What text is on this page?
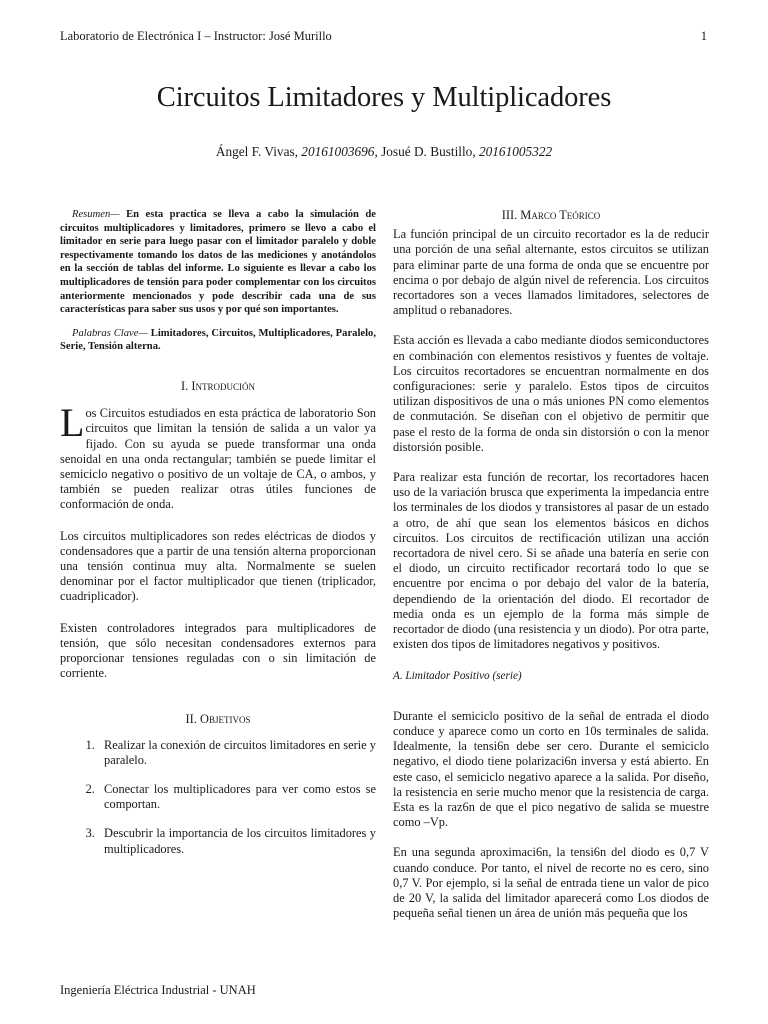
Laboratorio de Electrónica I – Instructor: José Murillo	1
Circuitos Limitadores y Multiplicadores
Ángel F. Vivas, 20161003696, Josué D. Bustillo, 20161005322

Resumen— En esta practica se lleva a cabo la simulación de circuitos multiplicadores y limitadores, primero se llevo a cabo el limitador en serie para luego pasar con el limitador paralelo y doble respectivamente tomando los datos de las mediciones y anotándolos en la sección de tablas del informe. Lo siguiente es llevar a cabo los multiplicadores de tensión para poder complementar con los circuitos anteriormente mencionados y pode describir cada una de sus características para saber sus usos y por qué son importantes.

Palabras Clave— Limitadores, Circuitos, Multiplicadores, Paralelo, Serie, Tensión alterna.

I. Introdución

Los Circuitos estudiados en esta práctica de laboratorio Son circuitos que limitan la tensión de salida a un valor ya fijado. Con su ayuda se puede transformar una onda senoidal en una onda rectangular; también se puede limitar el semiciclo negativo o positivo de un voltaje de CA, o ambos, y también se pueden realizar otras útiles funciones de conformación de onda.

Los circuitos multiplicadores son redes eléctricas de diodos y condensadores que a partir de una tensión alterna proporcionan una tensión continua muy alta. Normalmente se suelen denominar por el factor multiplicador que tienen (triplicador, cuadriplicador).

Existen controladores integrados para multiplicadores de tensión, que sólo necesitan condensadores externos para proporcionar tensiones reguladas con o sin limitación de corriente.

II. Objetivos

1. Realizar la conexión de circuitos limitadores en serie y paralelo.
2. Conectar los multiplicadores para ver como estos se comportan.
3. Descubrir la importancia de los circuitos limitadores y multiplicadores.

III. Marco Teórico

La función principal de un circuito recortador es la de reducir una porción de una señal alternante, estos circuitos se utilizan para eliminar parte de una forma de onda que se encuentre por encima o por debajo de algún nivel de referencia. Los circuitos recortadores son a veces llamados limitadores, selectores de amplitud o rebanadores.

Esta acción es llevada a cabo mediante diodos semiconductores en combinación con elementos resistivos y fuentes de voltaje. Los circuitos recortadores se encuentran normalmente en dos configuraciones: serie y paralelo. Estos tipos de circuitos utilizan dispositivos de una o más uniones PN como elementos de conmutación. Se diseñan con el objetivo de permitir que pase el resto de la forma de onda sin distorsión o con la menor distorsión posible.

Para realizar esta función de recortar, los recortadores hacen uso de la variación brusca que experimenta la impedancia entre los terminales de los diodos y transistores al pasar de un estado a otro, de ahí que sean los elementos básicos en dichos circuitos. Los circuitos de rectificación utilizan una acción recortadora de nivel cero. Si se añade una batería en serie con el diodo, un circuito rectificador recortará todo lo que se encuentre por encima o por debajo del valor de la batería, dependiendo de la orientación del diodo. El recortador de media onda es un ejemplo de la forma más simple de recortador de diodo (una resistencia y un diodo). Por otra parte, existen dos tipos de limitadores negativos y positivos.

A. Limitador Positivo (serie)

Durante el semiciclo positivo de la señal de entrada el diodo conduce y aparece como un corto en 10s terminales de salida. Idealmente, la tensi6n debe ser cero. Durante el semiciclo negativo, el diodo tiene polarizaci6n inversa y está abierto. En este caso, el semiciclo negativo aparece a la salida. Por diseño, la resistencia en serie mucho menor que la resistencia de carga. Esta es la raz6n de que el pico negativo de salida se muestre como –Vp.

En una segunda aproximaci6n, la tensi6n del diodo es 0,7 V cuando conduce. Por tanto, el nivel de recorte no es cero, sino 0,7 V. Por ejemplo, si la señal de entrada tiene un valor de pico de 20 V, la salida del limitador aparecerá como Los diodos de pequeña señal tienen un área de unión más pequeña que los

Ingeniería Eléctrica Industrial - UNAH
